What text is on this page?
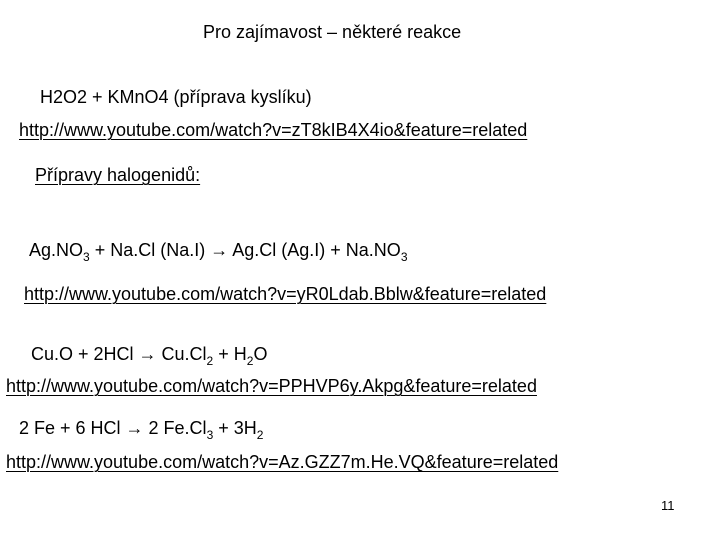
Pro zajímavost – některé reakce
H2O2 + KMnO4 (příprava kyslíku)
http://www.youtube.com/watch?v=zT8kIB4X4io&feature=related
Přípravy halogenidů:
$Ag.NO_3 + Na.Cl$ (Na.I) → Ag.Cl $(Ag.I) + Na.NO_3$
http://www.youtube.com/watch?v=yR0Ldab.Bblw&feature=related
$Cu.O + 2HCl \to Cu.Cl_2 + H_2O$
http://www.youtube.com/watch?v=PPHVP6y.Akpg&feature=related
2 Fe + 6 HCl → 2 $Fe.Cl_3 + 3H_2$
http://www.youtube.com/watch?v=Az.GZZ7m.He.VQ&feature=related
11
